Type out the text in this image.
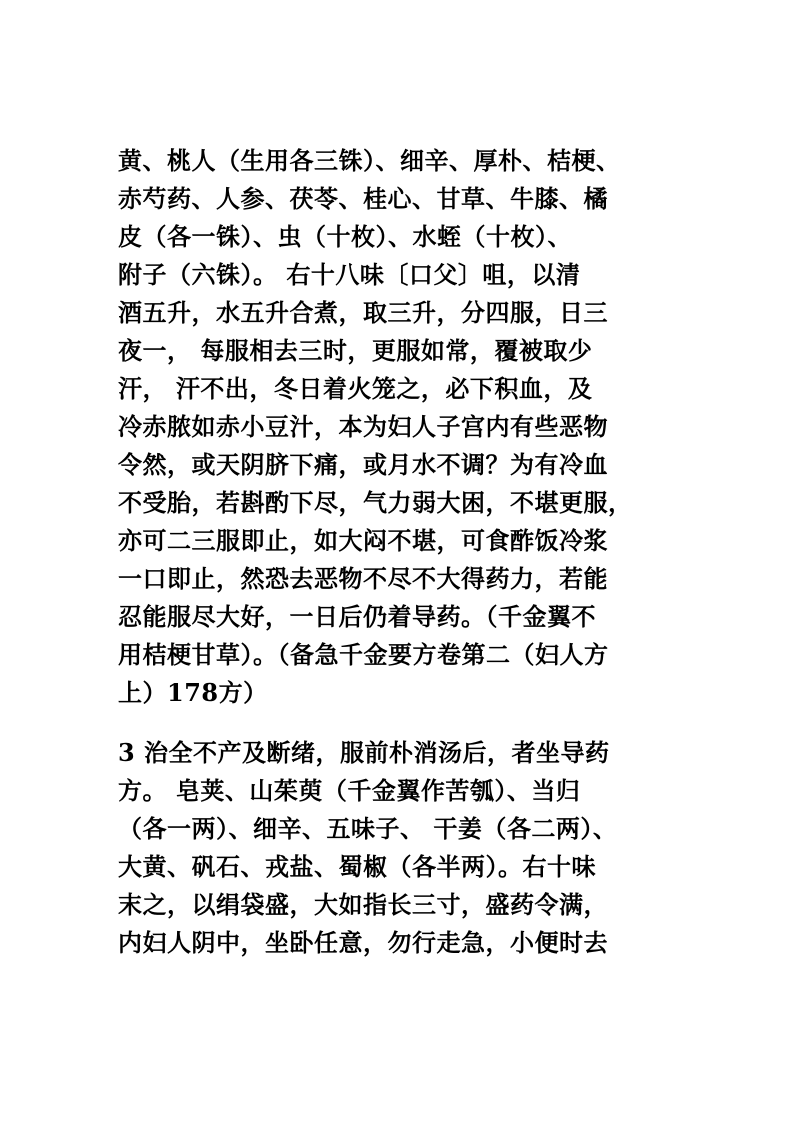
黄、桃人（生用各三铢）、细辛、厚朴、桔梗、
赤芍药、人参、茯苓、桂心、甘草、牛膝、橘
皮（各一铢）、虫（十枚）、水蛭（十枚）、
附子（六铢）。 右十八味〔口父〕咀，以清
酒五升，水五升合煮，取三升，分四服，日三
夜一， 每服相去三时，更服如常，覆被取少
汗， 汗不出，冬日着火笼之，必下积血，及
冷赤脓如赤小豆汁，本为妇人子宫内有些恶物
令然，或天阴脐下痛，或月水不调？为有冷血
不受胎，若斟酌下尽，气力弱大困，不堪更服，
亦可二三服即止，如大闷不堪，可食酢饭冷浆
一口即止，然恐去恶物不尽不大得药力，若能
忍能服尽大好，一日后仍着导药。（千金翼不
用桔梗甘草）。（备急千金要方卷第二（妇人方
上）178方）
3 治全不产及断绪，服前朴消汤后，者坐导药
方。 皂荚、山茱萸（千金翼作苦瓠）、当归
（各一两）、细辛、五味子、 干姜（各二两）、
大黄、矾石、戎盐、蜀椒（各半两）。右十味
末之，以绢袋盛，大如指长三寸，盛药令满，
内妇人阴中，坐卧任意，勿行走急，小便时去
